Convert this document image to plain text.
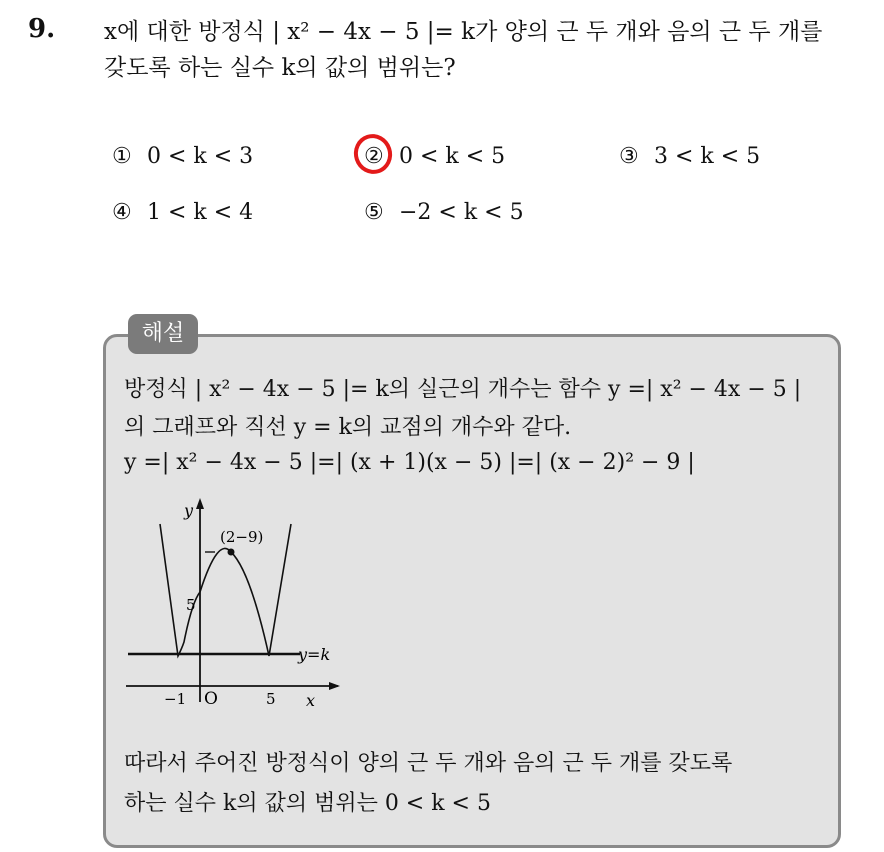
9. x에 대한 방정식 | x² − 4x − 5 |= k가 양의 근 두 개와 음의 근 두 개를
갖도록 하는 실수 k의 값의 범위는?
① 0 < k < 3	② 0 < k < 5	③ 3 < k < 5
④ 1 < k < 4	⑤ −2 < k < 5
해설
방정식 | x² − 4x − 5 |= k의 실근의 개수는 함수 y =| x² − 4x − 5 |
의 그래프와 직선 y = k의 교점의 개수와 같다.
y =| x² − 4x − 5 |=| (x + 1)(x − 5) |=| (x − 2)² − 9 |
5
(2−9)
y
x
−1 O	5
y=k
따라서 주어진 방정식이 양의 근 두 개와 음의 근 두 개를 갖도록
하는 실수 k의 값의 범위는 0 < k < 5
